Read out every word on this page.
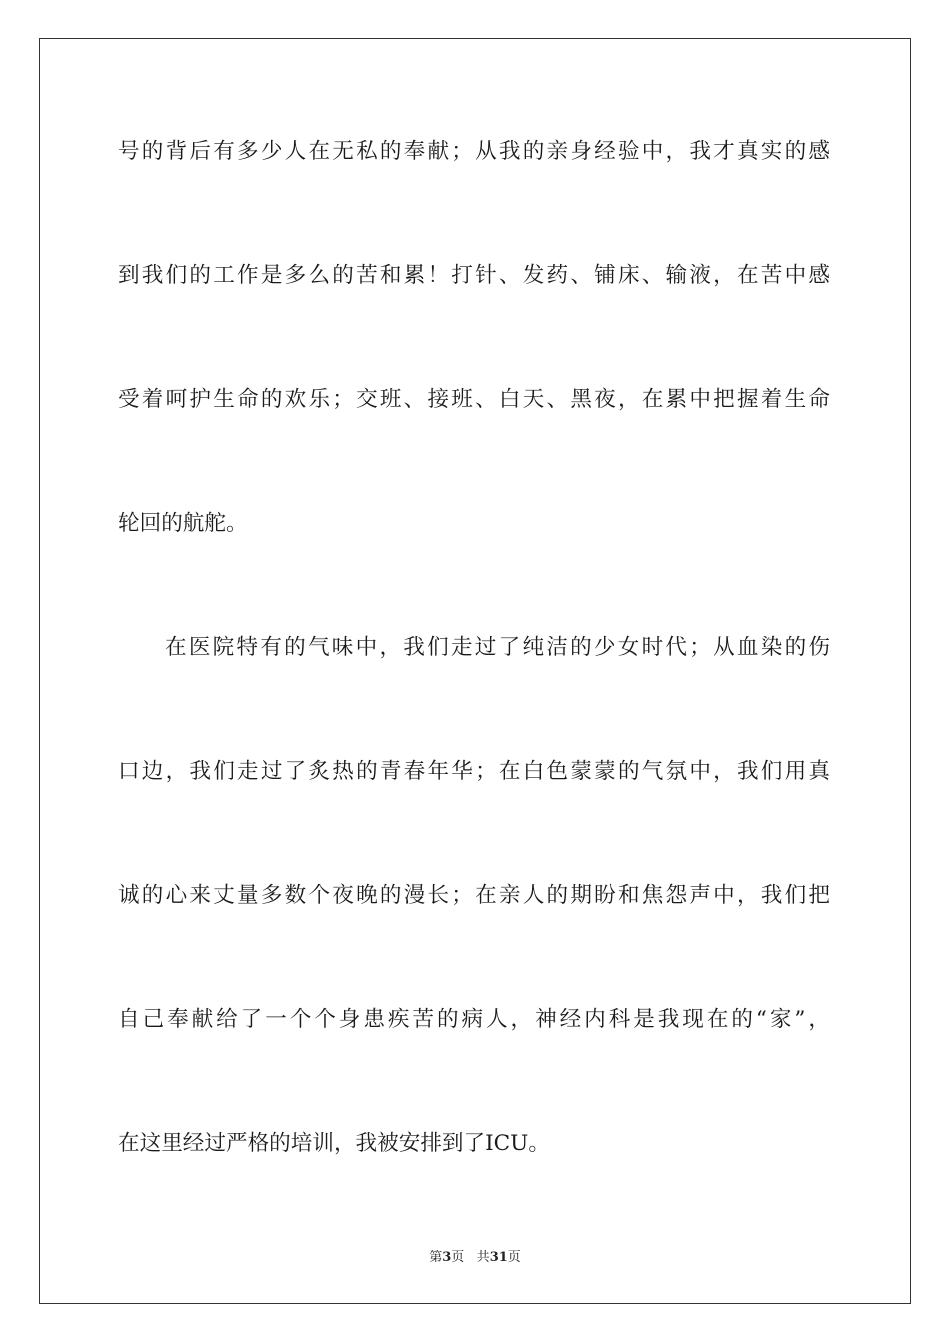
号的背后有多少人在无私的奉献；从我的亲身经验中，我才真实的感
到我们的工作是多么的苦和累！打针、发药、铺床、输液，在苦中感
受着呵护生命的欢乐；交班、接班、白天、黑夜，在累中把握着生命
轮回的航舵。
在医院特有的气味中，我们走过了纯洁的少女时代；从血染的伤
口边，我们走过了炙热的青春年华；在白色蒙蒙的气氛中，我们用真
诚的心来丈量多数个夜晚的漫长；在亲人的期盼和焦怨声中，我们把
自己奉献给了一个个身患疾苦的病人，神经内科是我现在的“家”，
在这里经过严格的培训，我被安排到了ICU。
第3页 共31页
